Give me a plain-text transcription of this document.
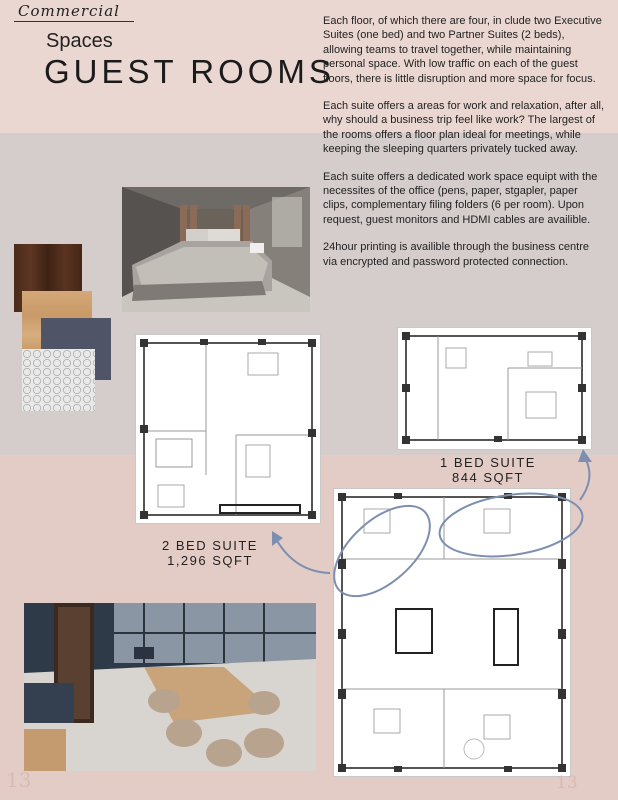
Commercial
Spaces
GUEST ROOMS

Each floor, of which there are four, in clude two Executive Suites (one bed) and two Partner Suites (2 beds), allowing teams to travel together, while maintaining personal space. With low traffic on each of the guest floors, there is little disruption and more space for focus.

Each suite offers a areas for work and relaxation, after all, why should a business trip feel like work? The largest of the rooms offers a floor plan ideal for meetings, while keeping the sleeping quarters privately tucked away.

Each suite offers a dedicated work space equipt with the necessites of the office (pens, paper, stgapler, paper clips, complementary filing folders (6 per room). Upon request, guest monitors and HDMI cables are availible.

24hour printing is availible through the business centre via encrypted and password protected connection.

1 BED SUITE
844 SQFT
2 BED SUITE
1,296 SQFT
13	13
